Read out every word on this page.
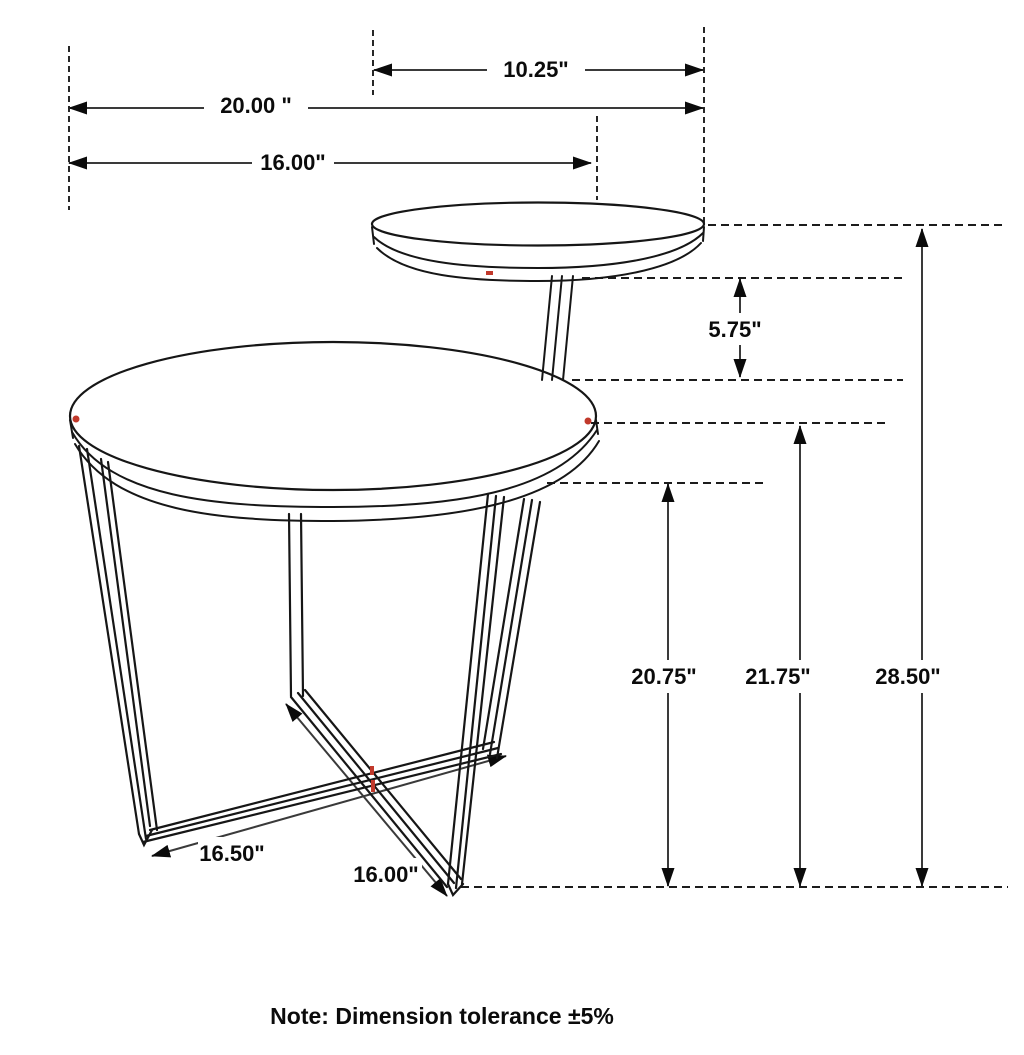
10.25"
20.00 "
16.00"
5.75"
20.75" 21.75"	28.50"
16.50"
16.00"
Note: Dimension tolerance ±5%
